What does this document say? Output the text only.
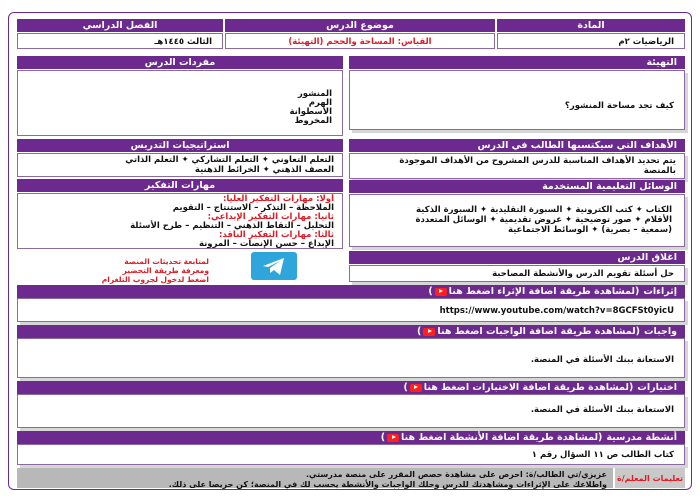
المادة
موضوع الدرس
الفصل الدراسي
الرياضيات ٢م
القياس: المساحة والحجم (التهيئة)
الثالث ١٤٤٥هـ
التهيئة
كيف تجد مساحة المنشور؟
الأهداف التي سيكتسبها الطالب في الدرس
يتم تحديد الأهداف المناسبة للدرس المشروح من الأهداف الموجودة
بالمنصة
الوسائل التعليمية المستخدمة
الكتاب ✦ كتب الكترونية ✦ السبورة التقليدية ✦ السبورة الذكية
الأقلام ✦ صور توضيحية ✦ عروض تقديمية ✦ الوسائل المتعددة
(سمعية – بصرية) ✦ الوسائط الاجتماعية
اغلاق الدرس
حل أسئلة تقويم الدرس والأنشطة المصاحبة
مفردات الدرس
المنشور
الهرم
الأسطوانة
المخروط
استراتيجيات التدريس
التعلم التعاوني ✦ التعلم التشاركي ✦ التعلم الذاتي
العصف الذهني ✦ الخرائط الذهنية
مهارات التفكير
أولا: مهارات التفكير العليا:
الملاحظة – التذكر – الاستنتاج – التقويم
ثانيا: مهارات التفكير الإبداعي:
التحليل – التقاط الذهني – التنظيم – طرح الأسئلة
ثالثا: مهارات التفكير الناقد:
الإبداع – حسن الإنصات – المرونة
لمتابعة تحديثات المنصة
ومعرفة طريقة التحضير
اضغط لدخول لجروب التلغرام
إثراءات
(لمشاهدة طريقة اضافة الإثراء اضغط هنا
)
https://www.youtube.com/watch?v=8GCFSt0yicU
واجبات
(لمشاهدة طريقة اضافة الواجبات اضغط هنا
)
الاستعانة ببنك الأسئلة في المنصة.
اختبارات
(لمشاهدة طريقة اضافة الاختبارات اضغط هنا
)
الاستعانة ببنك الأسئلة في المنصة.
أنشطة مدرسية
(لمشاهدة طريقة اضافة الأنشطة اضغط هنا
)
كتاب الطالب ص ١١ السؤال رقم ١
تعليمات المعلم/ة
عزيزي/تي الطالب/ة: احرص على مشاهدة حصص المقرر على منصة مدرستي.
واطلاعك على الإثراءات ومشاهدتك للدرس وحلك الواجبات والأنشطة يحسب لك في المنصة؛ كن حريصا على ذلك.
